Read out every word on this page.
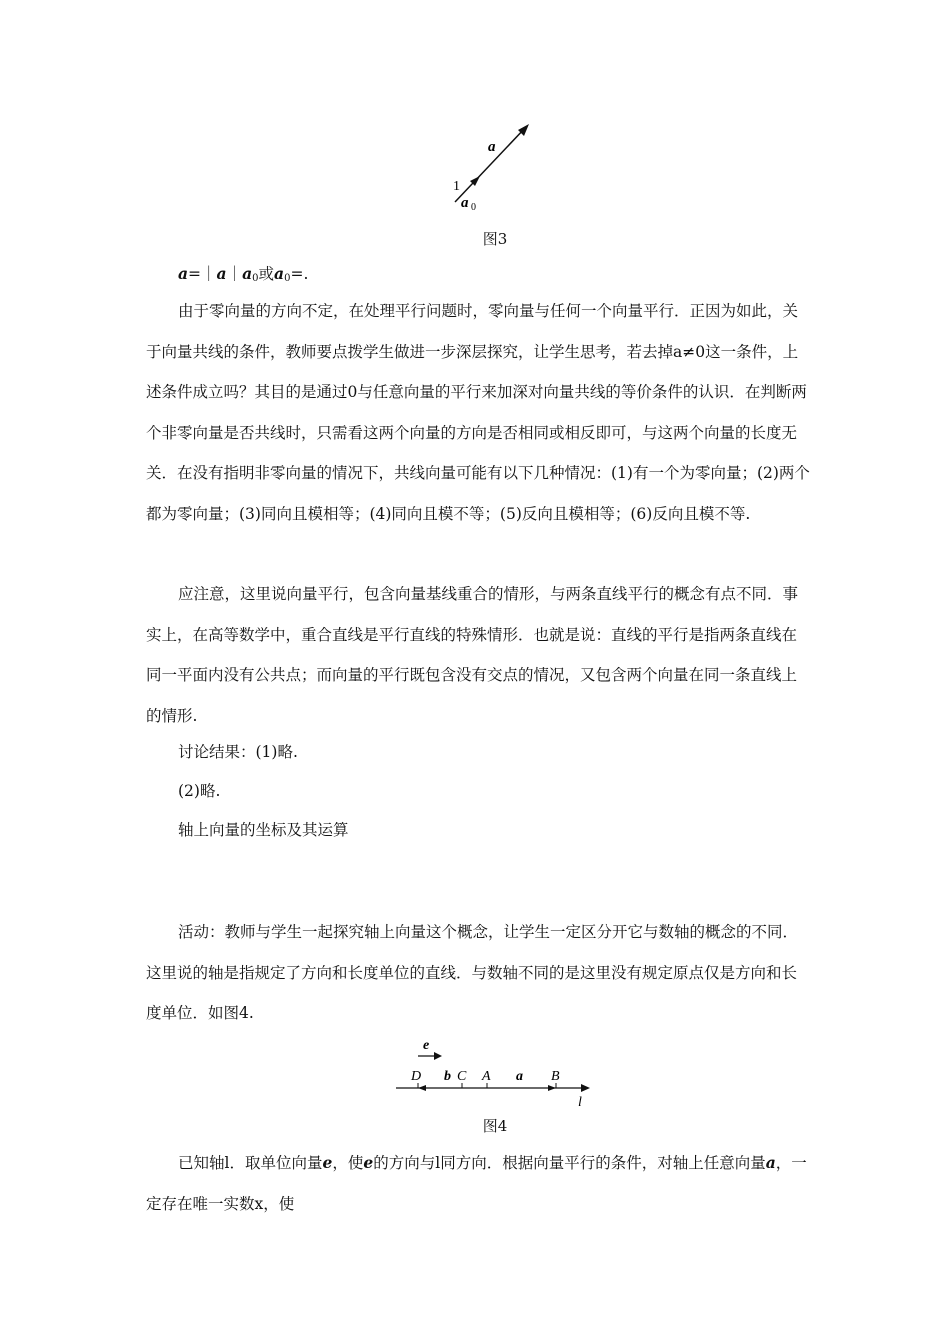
a
1
a 0
图3

a=｜a｜a0或a0=.

由于零向量的方向不定，在处理平行问题时，零向量与任何一个向量平行．正因为如此，关于向量共线的条件，教师要点拨学生做进一步深层探究，让学生思考，若去掉a≠0这一条件，上述条件成立吗？其目的是通过0与任意向量的平行来加深对向量共线的等价条件的认识．在判断两个非零向量是否共线时，只需看这两个向量的方向是否相同或相反即可，与这两个向量的长度无关．在没有指明非零向量的情况下，共线向量可能有以下几种情况：(1)有一个为零向量；(2)两个都为零向量；(3)同向且模相等；(4)同向且模不等；(5)反向且模相等；(6)反向且模不等.

应注意，这里说向量平行，包含向量基线重合的情形，与两条直线平行的概念有点不同．事实上，在高等数学中，重合直线是平行直线的特殊情形．也就是说：直线的平行是指两条直线在同一平面内没有公共点；而向量的平行既包含没有交点的情况，又包含两个向量在同一条直线上的情形.

讨论结果：(1)略.

(2)略.

轴上向量的坐标及其运算

活动：教师与学生一起探究轴上向量这个概念，让学生一定区分开它与数轴的概念的不同．这里说的轴是指规定了方向和长度单位的直线．与数轴不同的是这里没有规定原点仅是方向和长度单位．如图4.

e
D b C A a B
l
图4

已知轴l．取单位向量e，使e的方向与l同方向．根据向量平行的条件，对轴上任意向量a，一定存在唯一实数x，使
